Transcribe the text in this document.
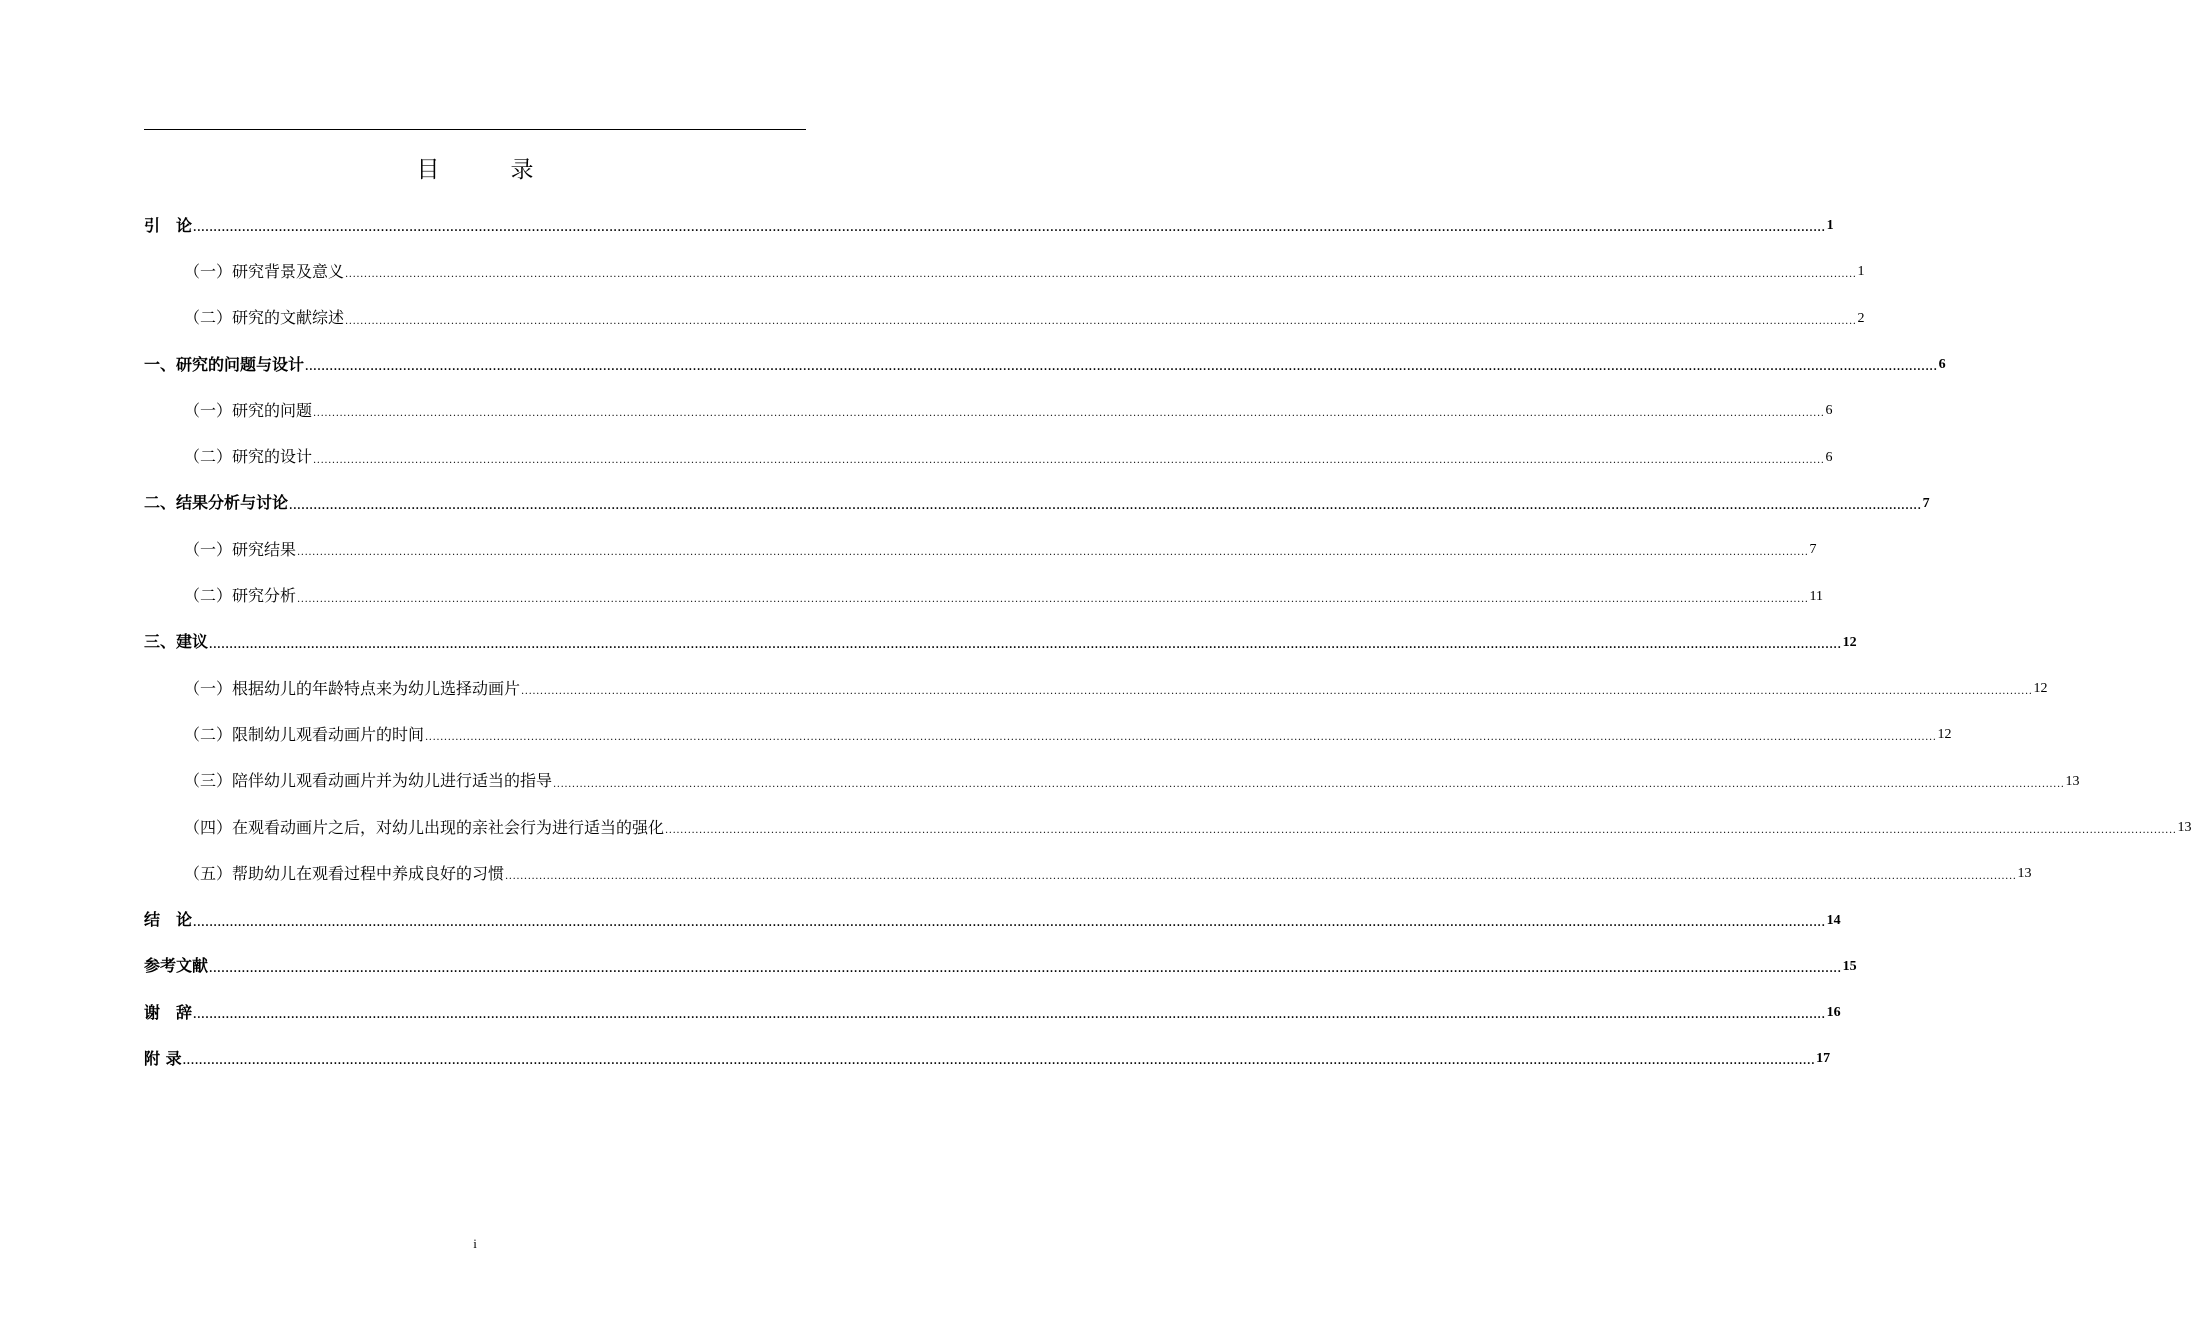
目　录
引　论 ................................................................................................................................................................................................................................................................................................................................................................................................................ 1
（一）研究背景及意义 ................................................................................................................................................................................................................................................................................................................................................................................................................ 1
（二）研究的文献综述 ................................................................................................................................................................................................................................................................................................................................................................................................................ 2
一、研究的问题与设计 ................................................................................................................................................................................................................................................................................................................................................................................................................ 6
（一）研究的问题 ................................................................................................................................................................................................................................................................................................................................................................................................................ 6
（二）研究的设计 ................................................................................................................................................................................................................................................................................................................................................................................................................ 6
二、结果分析与讨论 ................................................................................................................................................................................................................................................................................................................................................................................................................ 7
（一）研究结果 ................................................................................................................................................................................................................................................................................................................................................................................................................ 7
（二）研究分析 ................................................................................................................................................................................................................................................................................................................................................................................................................ 11
三、建议 ................................................................................................................................................................................................................................................................................................................................................................................................................ 12
（一）根据幼儿的年龄特点来为幼儿选择动画片 ................................................................................................................................................................................................................................................................................................................................................................................................................ 12
（二）限制幼儿观看动画片的时间 ................................................................................................................................................................................................................................................................................................................................................................................................................ 12
（三）陪伴幼儿观看动画片并为幼儿进行适当的指导 ................................................................................................................................................................................................................................................................................................................................................................................................................ 13
（四）在观看动画片之后，对幼儿出现的亲社会行为进行适当的强化 ................................................................................................................................................................................................................................................................................................................................................................................................................ 13
（五）帮助幼儿在观看过程中养成良好的习惯 ................................................................................................................................................................................................................................................................................................................................................................................................................ 13
结　论 ................................................................................................................................................................................................................................................................................................................................................................................................................ 14
参考文献 ................................................................................................................................................................................................................................................................................................................................................................................................................ 15
谢　辞 ................................................................................................................................................................................................................................................................................................................................................................................................................ 16
附 录 ................................................................................................................................................................................................................................................................................................................................................................................................................ 17
i
